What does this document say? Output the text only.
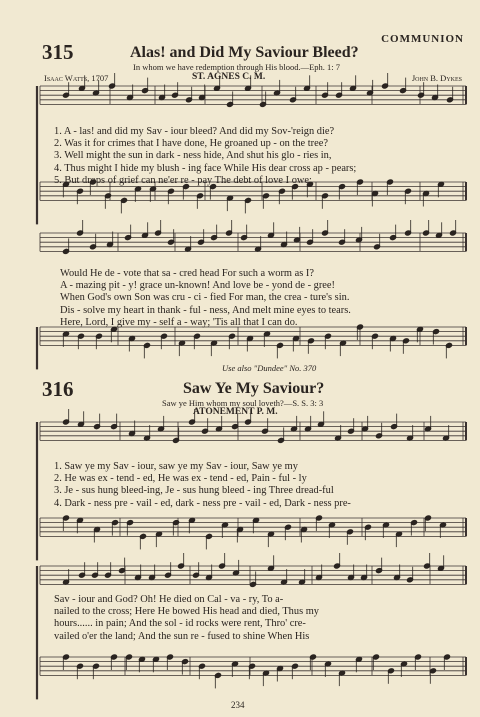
315	Alas! and Did My Saviour Bleed?
COMMUNION
In whom we have redemption through His blood.—Eph. 1: 7
Isaac Watts, 1707	ST. AGNES C. M.	John B. Dykes
1. A - las! and did my Sav - iour bleed? And did my Sov-'reign die?
2. Was it for crimes that I have done, He groaned up - on the tree?
3. Well might the sun in dark - ness hide, And shut his glo - ries in,
4. Thus might I hide my blush - ing face While His dear cross ap - pears;
5. But drops of grief can ne'er re - pay The debt of love I owe;
Would He de - vote that sa - cred head For such a worm as I?
A - mazing pit - y! grace un-known! And love be - yond de - gree!
When God's own Son was cru - ci - fied For man, the crea - ture's sin.
Dis - solve my heart in thank - ful - ness, And melt mine eyes to tears.
Here, Lord, I give my - self a - way; 'Tis all that I can do.
Use also "Dundee" No. 370
316	Saw Ye My Saviour?
Saw ye Him whom my soul loveth?—S. S. 3: 3
ATONEMENT P. M.
1. Saw ye my Sav - iour, saw ye my Sav - iour, Saw ye my
2. He was ex - tend - ed, He was ex - tend - ed, Pain - ful - ly
3. Je - sus hung bleed-ing, Je - sus hung bleed - ing Three dread-ful
4. Dark - ness pre - vail - ed, dark - ness pre - vail - ed, Dark - ness pre-
Sav - iour and God? Oh! He died on Cal - va - ry, To a-
nailed to the cross; Here He bowed His head and died, Thus my
hours...... in pain; And the sol - id rocks were rent, Thro' cre-
vailed o'er the land; And the sun re - fused to shine When His
234
